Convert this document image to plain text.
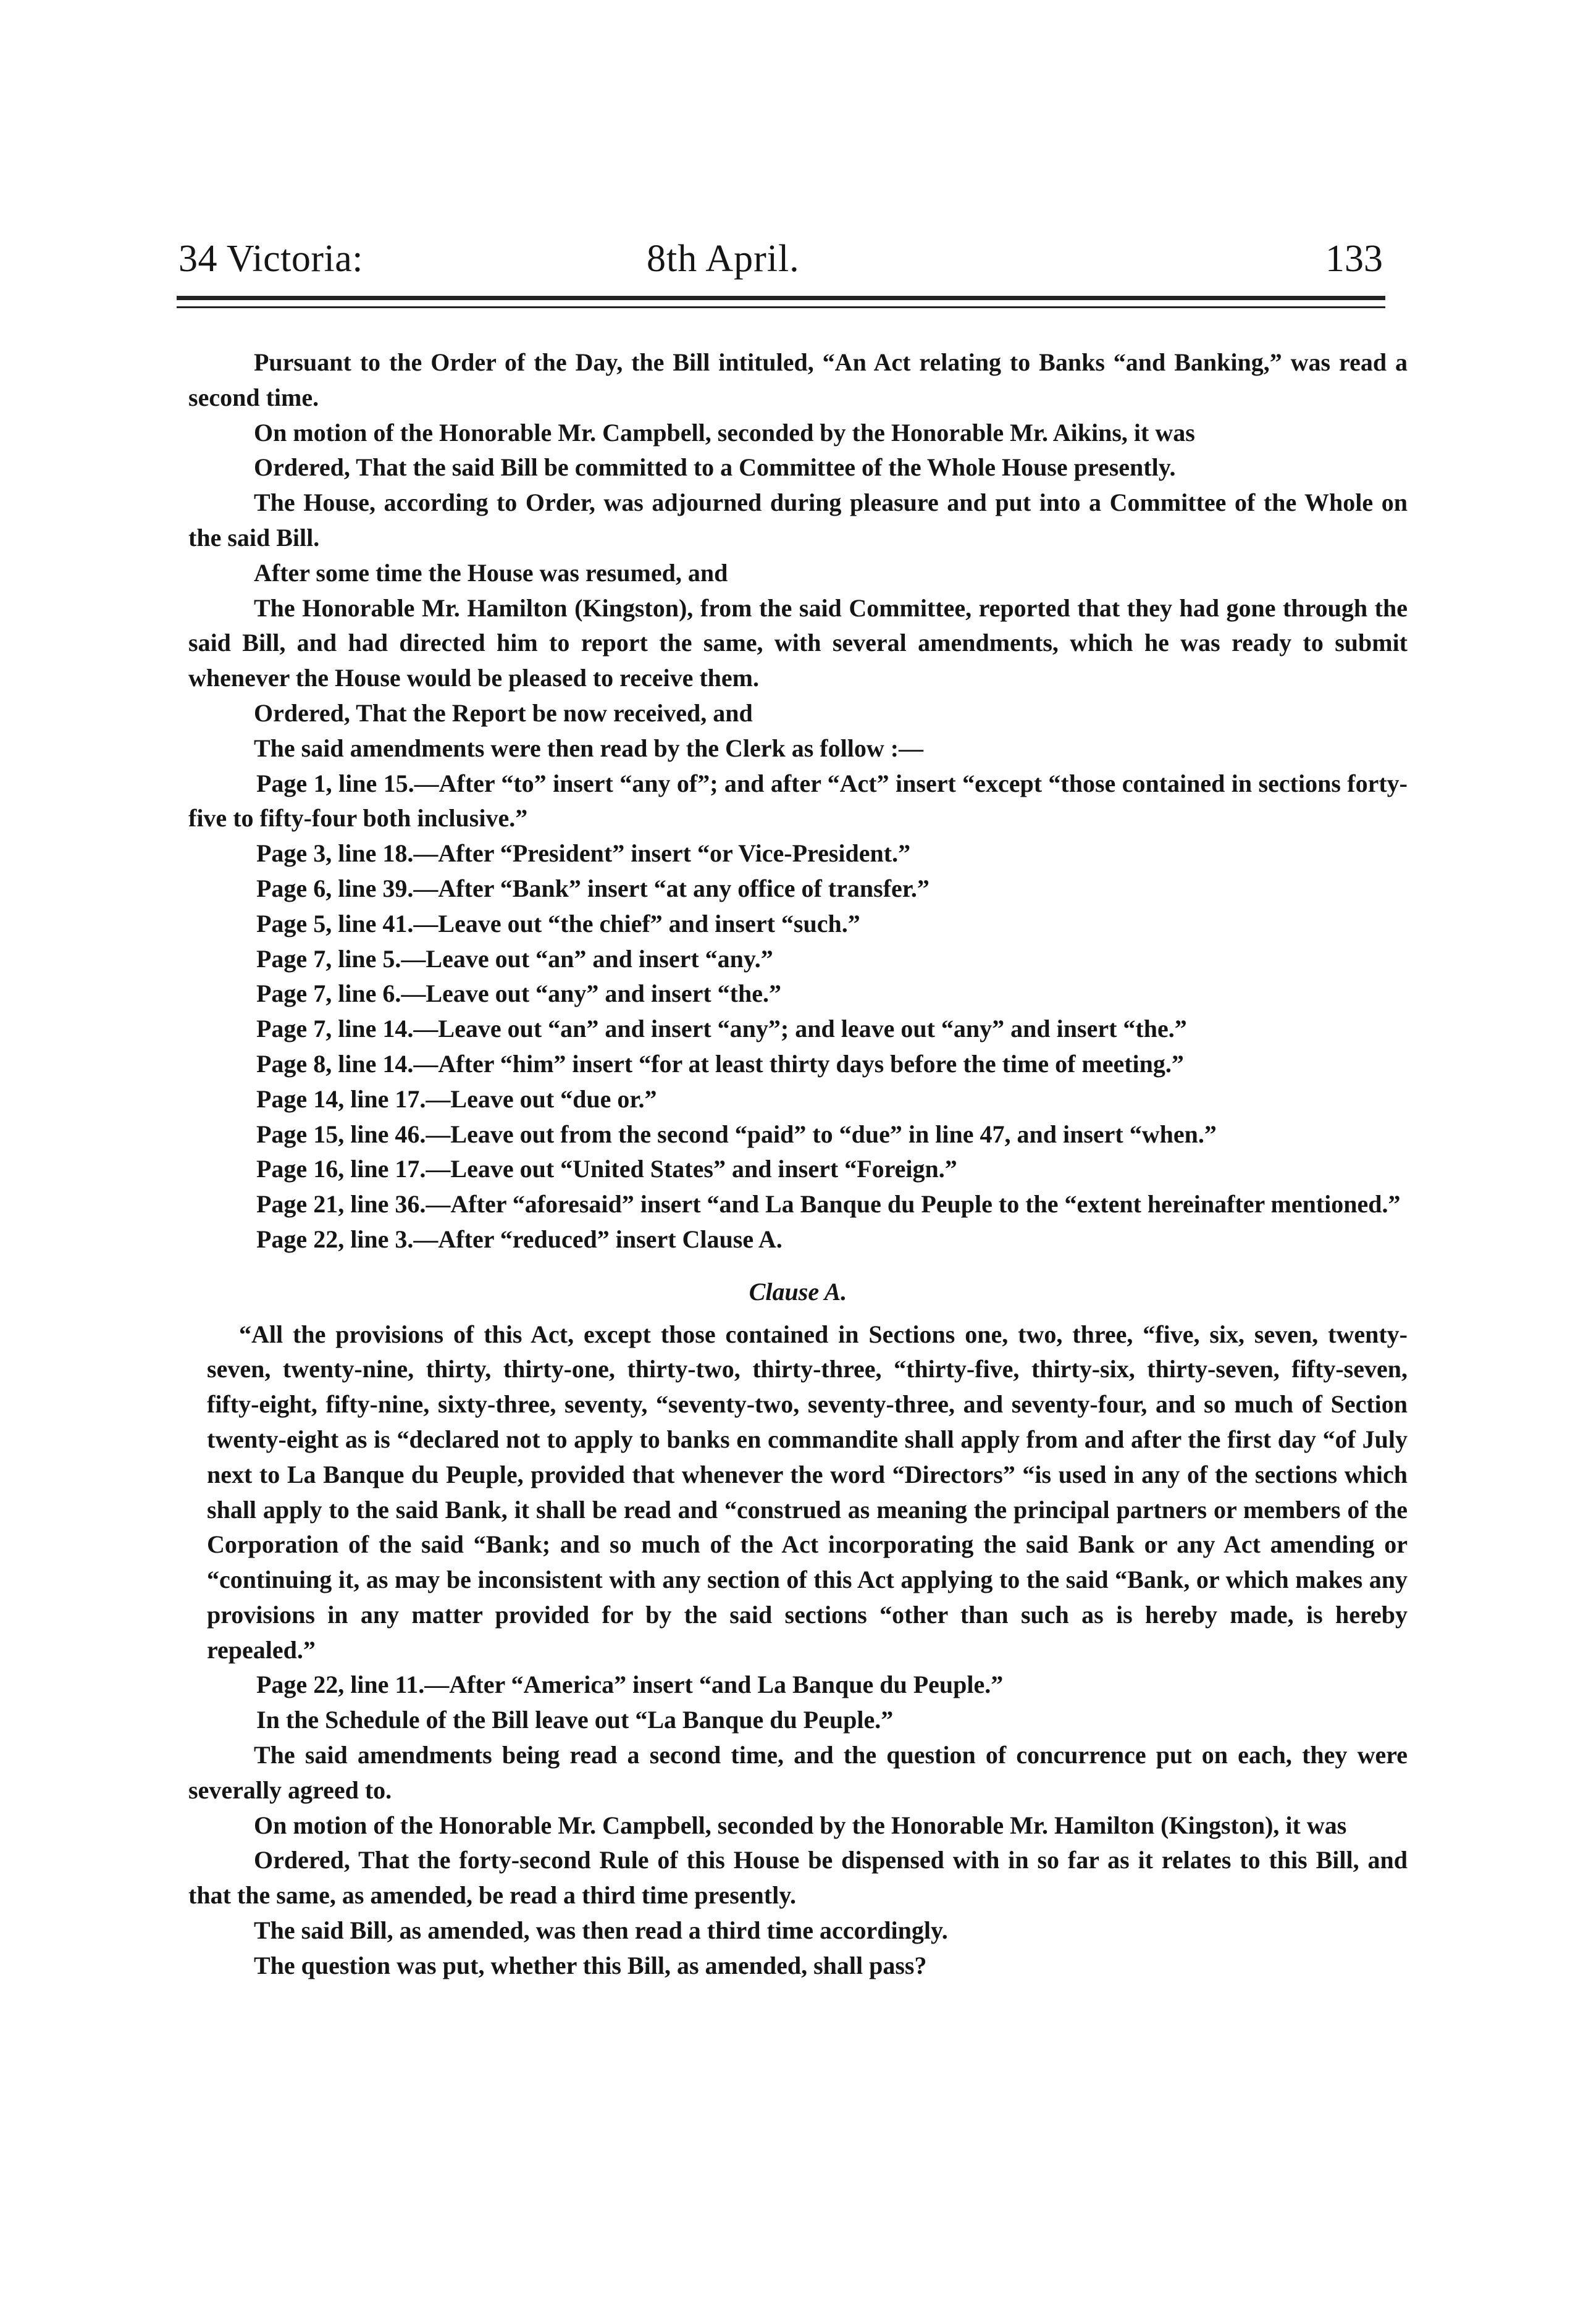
34 Victoria:	8th April.	133

Pursuant to the Order of the Day, the Bill intituled, “An Act relating to Banks “and Banking,” was read a second time.

On motion of the Honorable Mr. Campbell, seconded by the Honorable Mr. Aikins, it was

Ordered, That the said Bill be committed to a Committee of the Whole House presently.

The House, according to Order, was adjourned during pleasure and put into a Committee of the Whole on the said Bill.

After some time the House was resumed, and

The Honorable Mr. Hamilton (Kingston), from the said Committee, reported that they had gone through the said Bill, and had directed him to report the same, with several amendments, which he was ready to submit whenever the House would be pleased to receive them.

Ordered, That the Report be now received, and

The said amendments were then read by the Clerk as follow :—

Page 1, line 15.—After “to” insert “any of”; and after “Act” insert “except “those contained in sections forty-five to fifty-four both inclusive.”

Page 3, line 18.—After “President” insert “or Vice-President.”

Page 6, line 39.—After “Bank” insert “at any office of transfer.”

Page 5, line 41.—Leave out “the chief” and insert “such.”

Page 7, line 5.—Leave out “an” and insert “any.”

Page 7, line 6.—Leave out “any” and insert “the.”

Page 7, line 14.—Leave out “an” and insert “any”; and leave out “any” and insert “the.”

Page 8, line 14.—After “him” insert “for at least thirty days before the time of meeting.”

Page 14, line 17.—Leave out “due or.”

Page 15, line 46.—Leave out from the second “paid” to “due” in line 47, and insert “when.”

Page 16, line 17.—Leave out “United States” and insert “Foreign.”

Page 21, line 36.—After “aforesaid” insert “and La Banque du Peuple to the “extent hereinafter mentioned.”

Page 22, line 3.—After “reduced” insert Clause A.

Clause A.

“All the provisions of this Act, except those contained in Sections one, two, three, “five, six, seven, twenty-seven, twenty-nine, thirty, thirty-one, thirty-two, thirty-three, “thirty-five, thirty-six, thirty-seven, fifty-seven, fifty-eight, fifty-nine, sixty-three, seventy, “seventy-two, seventy-three, and seventy-four, and so much of Section twenty-eight as is “declared not to apply to banks en commandite shall apply from and after the first day “of July next to La Banque du Peuple, provided that whenever the word “Directors” “is used in any of the sections which shall apply to the said Bank, it shall be read and “construed as meaning the principal partners or members of the Corporation of the said “Bank; and so much of the Act incorporating the said Bank or any Act amending or “continuing it, as may be inconsistent with any section of this Act applying to the said “Bank, or which makes any provisions in any matter provided for by the said sections “other than such as is hereby made, is hereby repealed.”

Page 22, line 11.—After “America” insert “and La Banque du Peuple.”

In the Schedule of the Bill leave out “La Banque du Peuple.”

The said amendments being read a second time, and the question of concurrence put on each, they were severally agreed to.

On motion of the Honorable Mr. Campbell, seconded by the Honorable Mr. Hamilton (Kingston), it was

Ordered, That the forty-second Rule of this House be dispensed with in so far as it relates to this Bill, and that the same, as amended, be read a third time presently.

The said Bill, as amended, was then read a third time accordingly.

The question was put, whether this Bill, as amended, shall pass?
